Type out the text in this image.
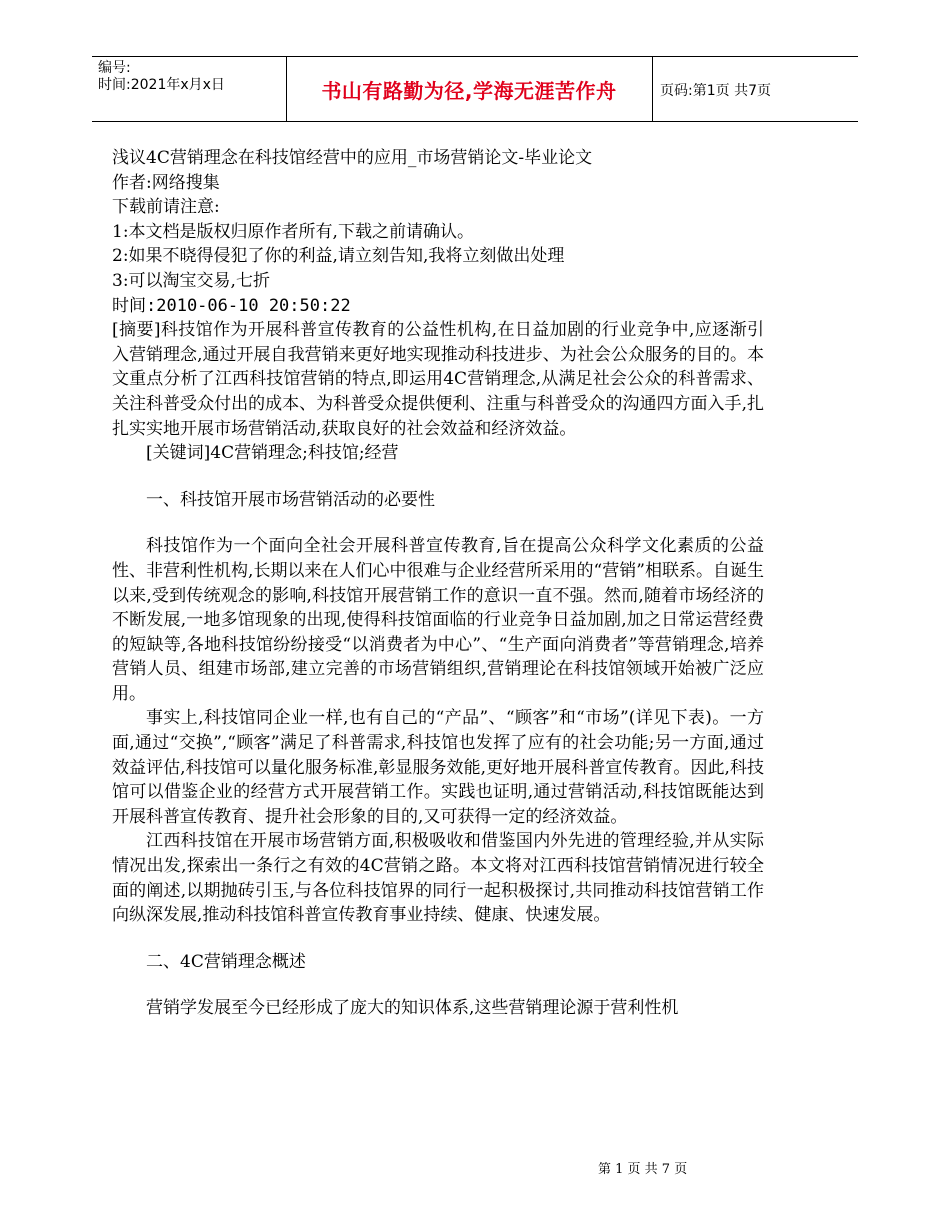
编号:
时间:2021年x月x日	书山有路勤为径,学海无涯苦作舟	页码:第1页 共7页

浅议4C营销理念在科技馆经营中的应用_市场营销论文-毕业论文

作者:网络搜集

下载前请注意:

1:本文档是版权归原作者所有,下载之前请确认。

2:如果不晓得侵犯了你的利益,请立刻告知,我将立刻做出处理

3:可以淘宝交易,七折

时间:2010-06-10 20:50:22

[摘要]科技馆作为开展科普宣传教育的公益性机构,在日益加剧的行业竞争中,应逐渐引入营销理念,通过开展自我营销来更好地实现推动科技进步、为社会公众服务的目的。本文重点分析了江西科技馆营销的特点,即运用4C营销理念,从满足社会公众的科普需求、关注科普受众付出的成本、为科普受众提供便利、注重与科普受众的沟通四方面入手,扎扎实实地开展市场营销活动,获取良好的社会效益和经济效益。

[关键词]4C营销理念;科技馆;经营

一、科技馆开展市场营销活动的必要性

科技馆作为一个面向全社会开展科普宣传教育,旨在提高公众科学文化素质的公益性、非营利性机构,长期以来在人们心中很难与企业经营所采用的“营销”相联系。自诞生以来,受到传统观念的影响,科技馆开展营销工作的意识一直不强。然而,随着市场经济的不断发展,一地多馆现象的出现,使得科技馆面临的行业竞争日益加剧,加之日常运营经费的短缺等,各地科技馆纷纷接受“以消费者为中心”、“生产面向消费者”等营销理念,培养营销人员、组建市场部,建立完善的市场营销组织,营销理论在科技馆领域开始被广泛应用。

事实上,科技馆同企业一样,也有自己的“产品”、“顾客”和“市场”(详见下表)。一方面,通过“交换”,“顾客”满足了科普需求,科技馆也发挥了应有的社会功能;另一方面,通过效益评估,科技馆可以量化服务标准,彰显服务效能,更好地开展科普宣传教育。因此,科技馆可以借鉴企业的经营方式开展营销工作。实践也证明,通过营销活动,科技馆既能达到开展科普宣传教育、提升社会形象的目的,又可获得一定的经济效益。

江西科技馆在开展市场营销方面,积极吸收和借鉴国内外先进的管理经验,并从实际情况出发,探索出一条行之有效的4C营销之路。本文将对江西科技馆营销情况进行较全面的阐述,以期抛砖引玉,与各位科技馆界的同行一起积极探讨,共同推动科技馆营销工作向纵深发展,推动科技馆科普宣传教育事业持续、健康、快速发展。

二、4C营销理念概述

营销学发展至今已经形成了庞大的知识体系,这些营销理论源于营利性机

第 1 页 共 7 页
